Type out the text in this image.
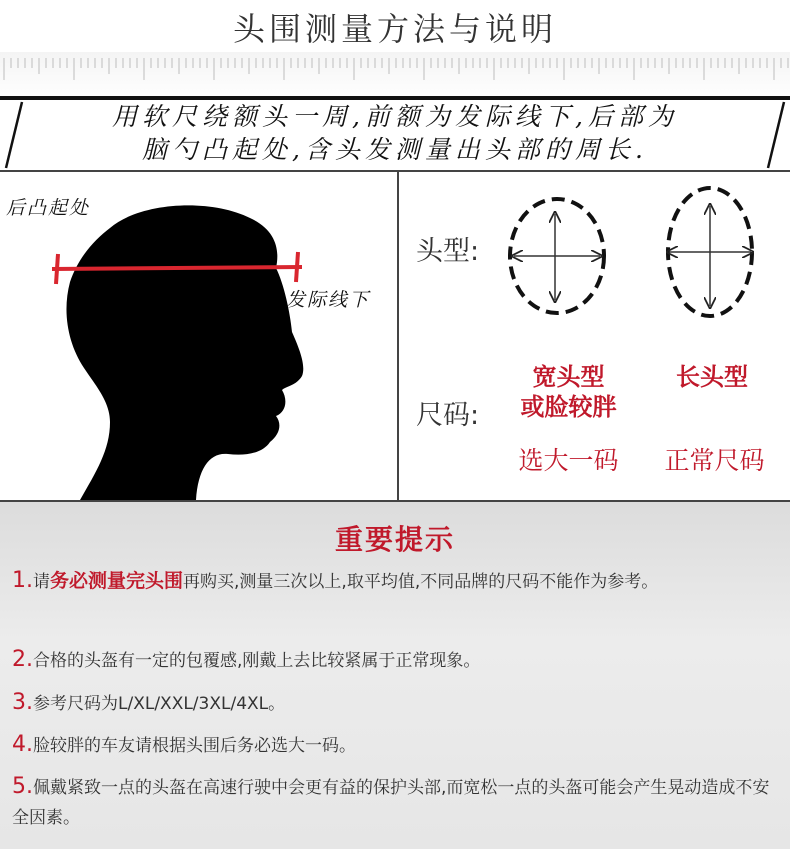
头围测量方法与说明
用软尺绕额头一周,前额为发际线下,后部为
脑勺凸起处,含头发测量出头部的周长.
后凸起处
发际线下
头型:
尺码:
宽头型
或脸较胖
长头型
选大一码	正常尺码
重要提示
1.请务必测量完头围再购买,测量三次以上,取平均值,不同品牌的尺码不能作为参考。
2.合格的头盔有一定的包覆感,刚戴上去比较紧属于正常现象。
3.参考尺码为L/XL/XXL/3XL/4XL。
4.脸较胖的车友请根据头围后务必选大一码。
5.佩戴紧致一点的头盔在高速行驶中会更有益的保护头部,而宽松一点的头盔可能会产生晃动造成不安全因素。
